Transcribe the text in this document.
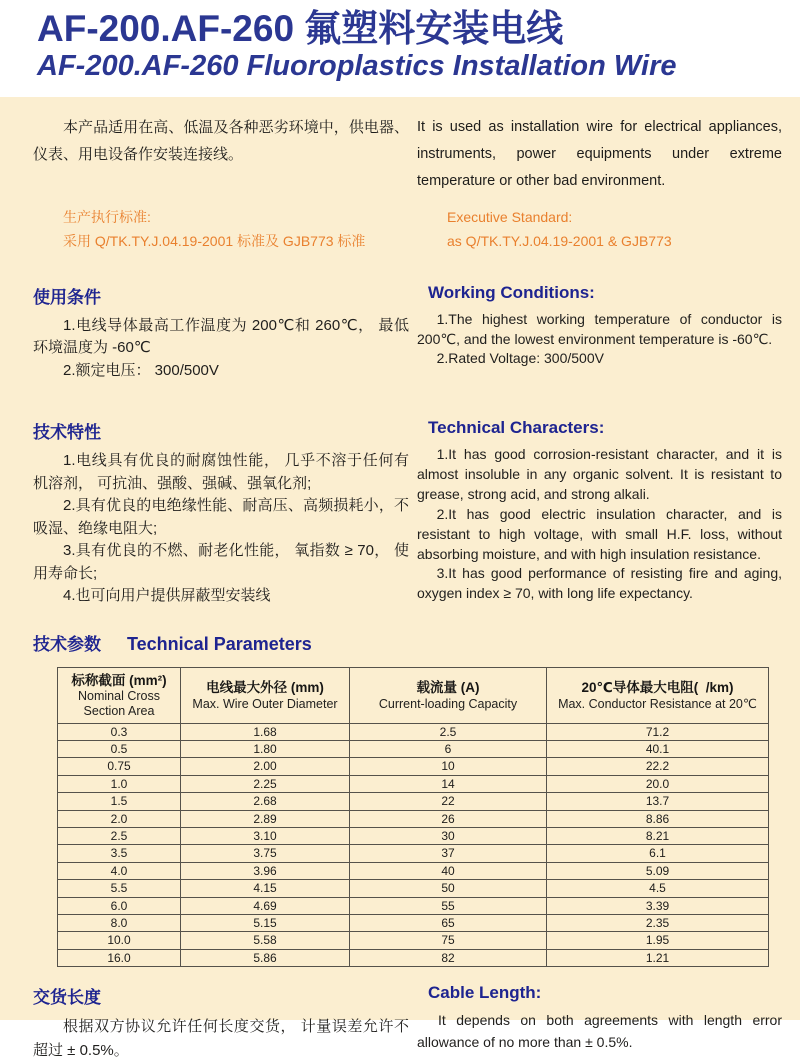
AF-200.AF-260 氟塑料安装电线
AF-200.AF-260 Fluoroplastics Installation Wire

本产品适用在高、低温及各种恶劣环境中，供电器、仪表、用电设备作安装连接线。

It is used as installation wire for electrical appliances, instruments, power equipments under extreme temperature or other bad environment.

生产执行标准:
采用 Q/TK.TY.J.04.19-2001 标准及 GJB773 标准
Executive Standard:
as Q/TK.TY.J.04.19-2001 & GJB773
使用条件

1.电线导体最高工作温度为 200℃和 260℃， 最低环境温度为 -60℃

2.额定电压： 300/500V

Working Conditions:

1.The highest working temperature of conductor is 200℃, and the lowest environment temperature is -60℃.

2.Rated Voltage: 300/500V

技术特性

1.电线具有优良的耐腐蚀性能， 几乎不溶于任何有机溶剂， 可抗油、强酸、强碱、强氧化剂;

2.具有优良的电绝缘性能、耐高压、高频损耗小，不吸湿、绝缘电阻大;

3.具有优良的不燃、耐老化性能， 氧指数 ≥ 70， 使用寿命长;

4.也可向用户提供屏蔽型安装线

Technical Characters:

1.It has good corrosion-resistant character, and it is almost insoluble in any organic solvent. It is resistant to grease, strong acid, and strong alkali.

2.It has good electric insulation character, and is resistant to high voltage, with small H.F. loss, without absorbing moisture, and with high insulation resistance.

3.It has good performance of resisting fire and aging, oxygen index ≥ 70, with long life expectancy.

技术参数 Technical Parameters
标称截面 (mm²)
Nominal Cross Section Area

电线最大外径 (mm)
Max. Wire Outer Diameter

载流量 (A)
Current-loading Capacity

20℃导体最大电阻(  /km)
Max. Conductor Resistance at 20℃

0.3	1.68	2.5	71.2
0.5	1.80	6	40.1
0.75	2.00	10	22.2
1.0	2.25	14	20.0
1.5	2.68	22	13.7
2.0	2.89	26	8.86
2.5	3.10	30	8.21
3.5	3.75	37	6.1
4.0	3.96	40	5.09
5.5	4.15	50	4.5
6.0	4.69	55	3.39
8.0	5.15	65	2.35
10.0	5.58	75	1.95
16.0	5.86	82	1.21
交货长度

根据双方协议允许任何长度交货， 计量误差允许不超过 ± 0.5%。

Cable Length:

It depends on both agreements with length error allowance of no more than ± 0.5%.
